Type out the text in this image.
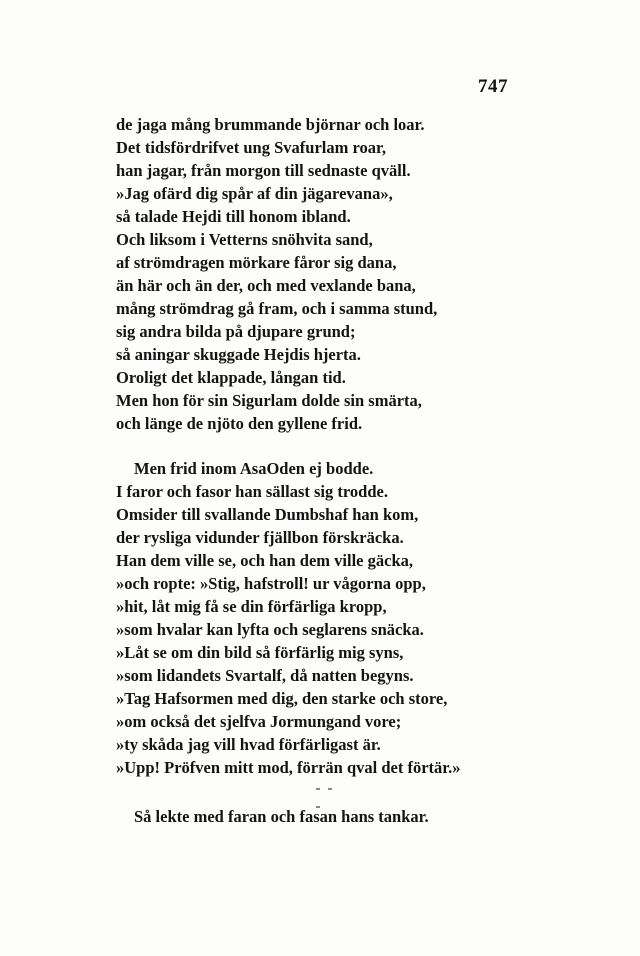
747
de jaga mång brummande björnar och loar.
Det tidsfördrifvet ung Svafurlam roar,
han jagar, från morgon till sednaste qväll.
»Jag ofärd dig spår af din jägarevana»,
så talade Hejdi till honom ibland.
Och liksom i Vetterns snöhvita sand,
af strömdragen mörkare fåror sig dana,
än här och än der, och med vexlande bana,
mång strömdrag gå fram, och i samma stund,
sig andra bilda på djupare grund;
så aningar skuggade Hejdis hjerta.
Oroligt det klappade, långan tid.
Men hon för sin Sigurlam dolde sin smärta,
och länge de njöto den gyllene frid.
Men frid inom AsaOden ej bodde.
I faror och fasor han sällast sig trodde.
Omsider till svallande Dumbshaf han kom,
der rysliga vidunder fjällbon förskräcka.
Han dem ville se, och han dem ville gäcka,
»och ropte: »Stig, hafstroll! ur vågorna opp,
»hit, låt mig få se din förfärliga kropp,
»som hvalar kan lyfta och seglarens snäcka.
»Låt se om din bild så förfärlig mig syns,
»som lidandets Svartalf, då natten begyns.
»Tag Hafsormen med dig, den starke och store,
»om också det sjelfva Jormungand vore;
»ty skåda jag vill hvad förfärligast är.
»Upp! Pröfven mitt mod, förrän qval det förtär.»
Så lekte med faran och fasan hans tankar.
